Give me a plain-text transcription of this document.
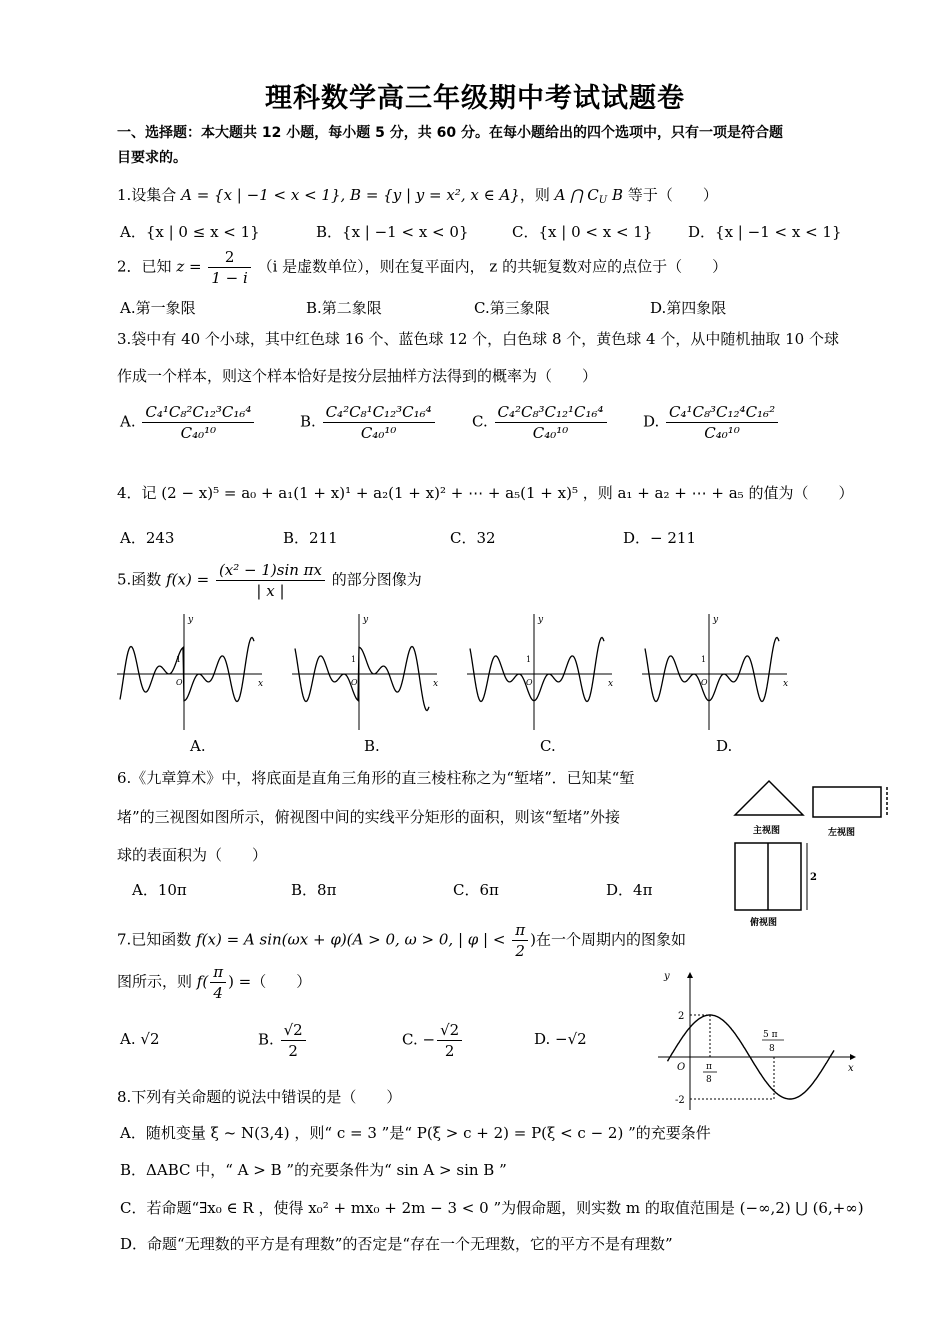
理科数学高三年级期中考试试题卷
一、选择题：本大题共 12 小题，每小题 5 分，共 60 分。在每小题给出的四个选项中，只有一项是符合题
目要求的。
1.设集合 A = {x | −1 < x < 1}, B = {y | y = x², x ∈ A}，则 A ⋂ $C_U$ B 等于（　　）
A．{x | 0 ≤ x < 1}	B．{x | −1 < x < 0}	C．{x | 0 < x < 1} D．{x | −1 < x < 1}
2．已知 $z = \frac{2}{1 - i} (i$ 是虚数单位），则在复平面内， z 的共轭复数对应的点位于（　　）
A.第一象限	B.第二象限	C.第三象限	D.第四象限
3.袋中有 40 个小球，其中红色球 16 个、蓝色球 12 个，白色球 8 个，黄色球 4 个，从中随机抽取 10 个球
作成一个样本，则这个样本恰好是按分层抽样方法得到的概率为（　　）
A. $\frac{\text{C₄¹C₈²C₁₂³C₁₆⁴}}{\text{C₄₀¹⁰}}$	B. $\frac{\text{C₄²C₈¹C₁₂³C₁₆⁴}}{\text{C₄₀¹⁰}} C$. $\frac{\text{C₄²C₈³C₁₂¹C₁₆⁴}}{\text{C₄₀¹⁰}} D$. $\frac{\text{C₄¹C₈³C₁₂⁴C₁₆²}}{\text{C₄₀¹⁰}}$
4．记 (2 − x)⁵ = a₀ + a₁(1 + x)¹ + a₂(1 + x)² + ⋯ + a₅(1 + x)⁵ ，则 a₁ + a₂ + ⋯ + a₅ 的值为（　　）
A．243	B．211	C．32	D．− 211
5.函数 $f(x) = \frac{\text{(x² − 1)sin πx}}{| x |}$ 的部分图像为
x
y
O
1
x
y
O
1
x
y
O
1
x
y
O
1
A.	B.	C.	D.
6.《九章算术》中，将底面是直角三角形的直三棱柱称之为“堑堵”．已知某“堑
堵”的三视图如图所示，俯视图中间的实线平分矩形的面积，则该“堑堵”外接
球的表面积为（　　）
A．10π	B．8π	C．6π	D．4π
主视图	左视图
俯视图
2
7.已知函数 f(x) = A sin(ωx + φ)(A > 0, ω > 0, | φ | < $\frac{\pi}{2}$ )在一个周期内的图象如
图所示，则 $f( \frac{\pi}{4}$ ) =（　　）
A. √2	B. $\frac{√2}{2}$	C. − $\frac{√2}{2}$	D. −√2
y
x
O
2
-2
π
8
5 π
8
8.下列有关命题的说法中错误的是（　　）
A．随机变量 ξ ~ N(3,4) ，则“ c = 3 ”是“ P(ξ > c + 2) = P(ξ < c − 2) ”的充要条件
B．ΔABC 中，“ A > B ”的充要条件为“ sin A > sin B ”
C．若命题“∃x₀ ∈ R ，使得 x₀² + mx₀ + 2m − 3 < 0 ”为假命题，则实数 m 的取值范围是 (−∞,2) ⋃ (6,+∞)
D．命题“无理数的平方是有理数”的否定是“存在一个无理数，它的平方不是有理数”
